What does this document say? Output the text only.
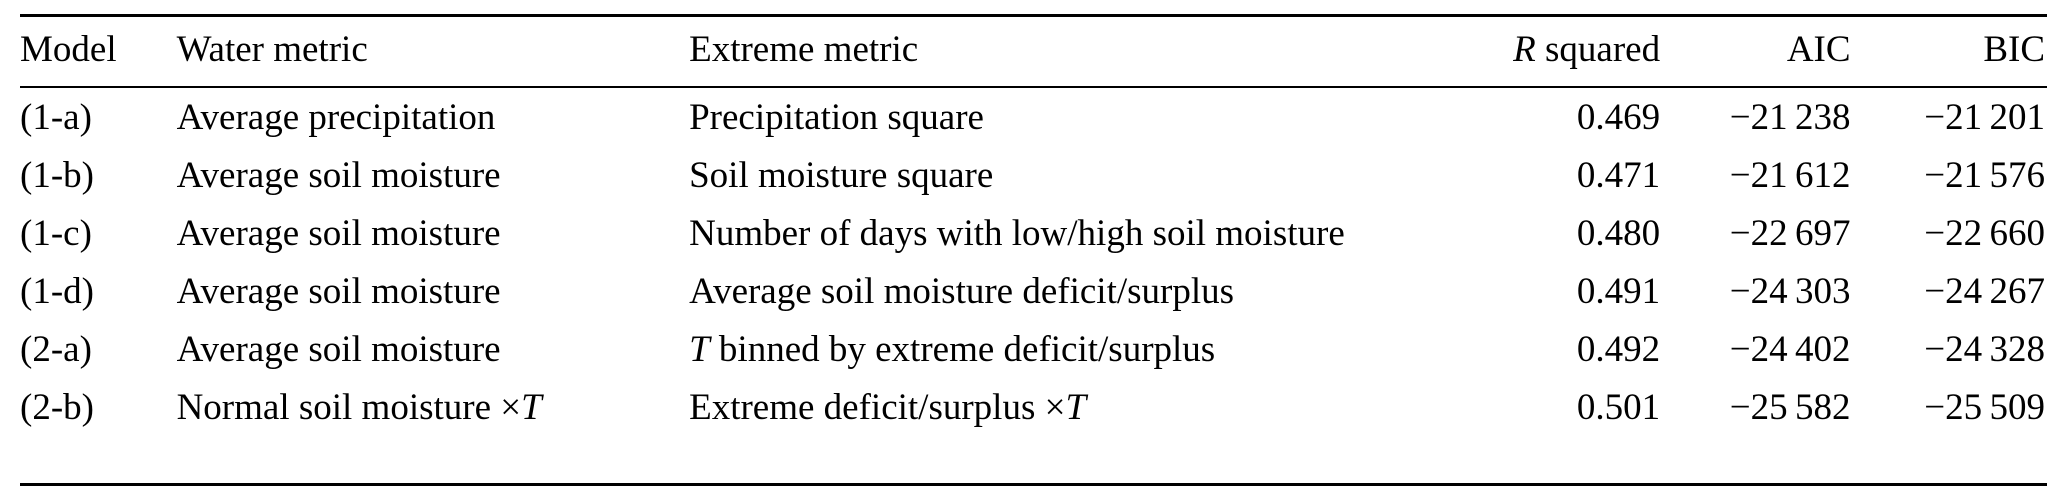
Model	Water metric	Extreme metric	R squared	AIC	BIC
(1-a)	Average precipitation	Precipitation square	0.469	−21 238	−21 201
(1-b)	Average soil moisture	Soil moisture square	0.471	−21 612	−21 576
(1-c)	Average soil moisture	Number of days with low/high soil moisture	0.480	−22 697	−22 660
(1-d)	Average soil moisture	Average soil moisture deficit/surplus	0.491	−24 303	−24 267
(2-a)	Average soil moisture	T binned by extreme deficit/surplus	0.492	−24 402	−24 328
(2-b)	Normal soil moisture ×T	Extreme deficit/surplus ×T	0.501	−25 582	−25 509
